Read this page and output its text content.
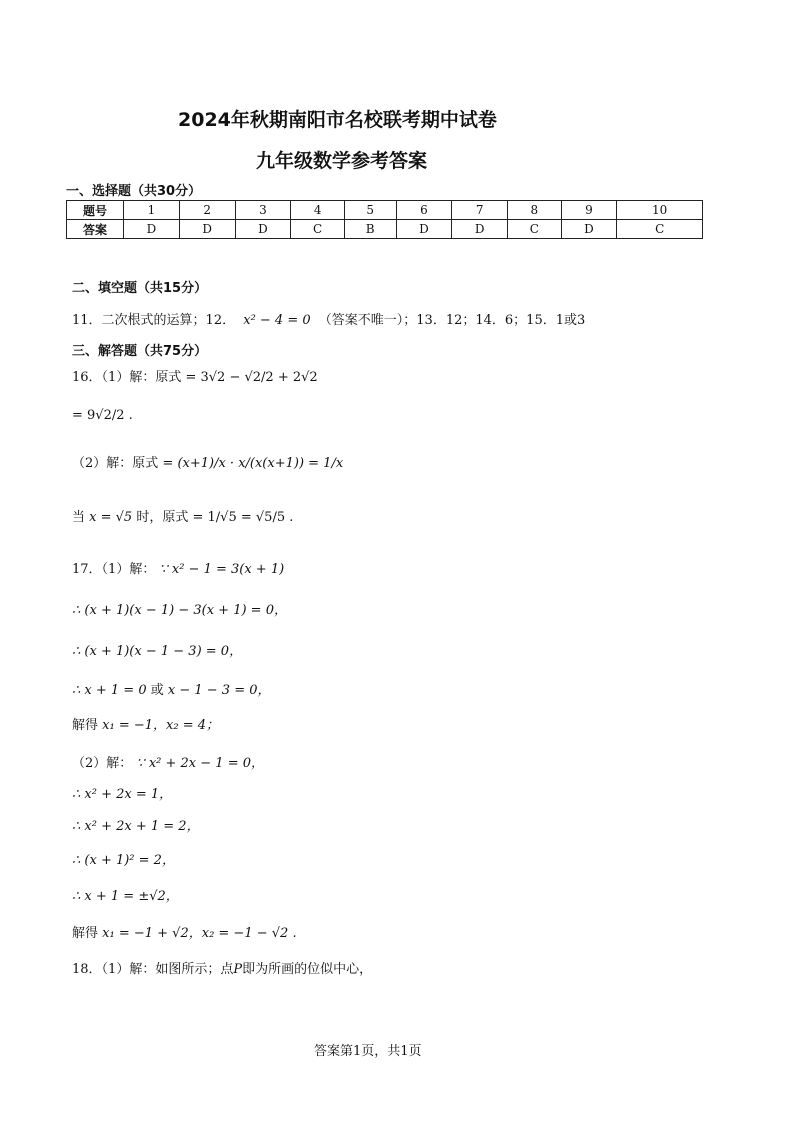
2024年秋期南阳市名校联考期中试卷
九年级数学参考答案
一、选择题（共30分）
题号	1	2	3	4	5	6	7	8	9	10
答案	D	D	D	C	B	D	D	C	D	C
二、填空题（共15分）
11．二次根式的运算；12． x² − 4 = 0 （答案不唯一）；13．12；14．6；15．1或3
三、解答题（共75分）
16．（1）解：原式 = 3√2 − √2/2 + 2√2
= 9√2/2 .
（2）解：原式 = (x+1)/x · x/(x(x+1)) = 1/x
当 x = √5 时，原式 = 1/√5 = √5/5 .
17．（1）解： ∵ x² − 1 = 3(x + 1)
∴ (x + 1)(x − 1) − 3(x + 1) = 0，
∴ (x + 1)(x − 1 − 3) = 0，
∴ x + 1 = 0 或 x − 1 − 3 = 0，
解得 x₁ = −1，x₂ = 4；
（2）解： ∵ x² + 2x − 1 = 0，
∴ x² + 2x = 1，
∴ x² + 2x + 1 = 2，
∴ (x + 1)² = 2，
∴ x + 1 = ±√2，
解得 x₁ = −1 + √2，x₂ = −1 − √2 .
18．（1）解：如图所示；点P即为所画的位似中心，
答案第1页，共1页
